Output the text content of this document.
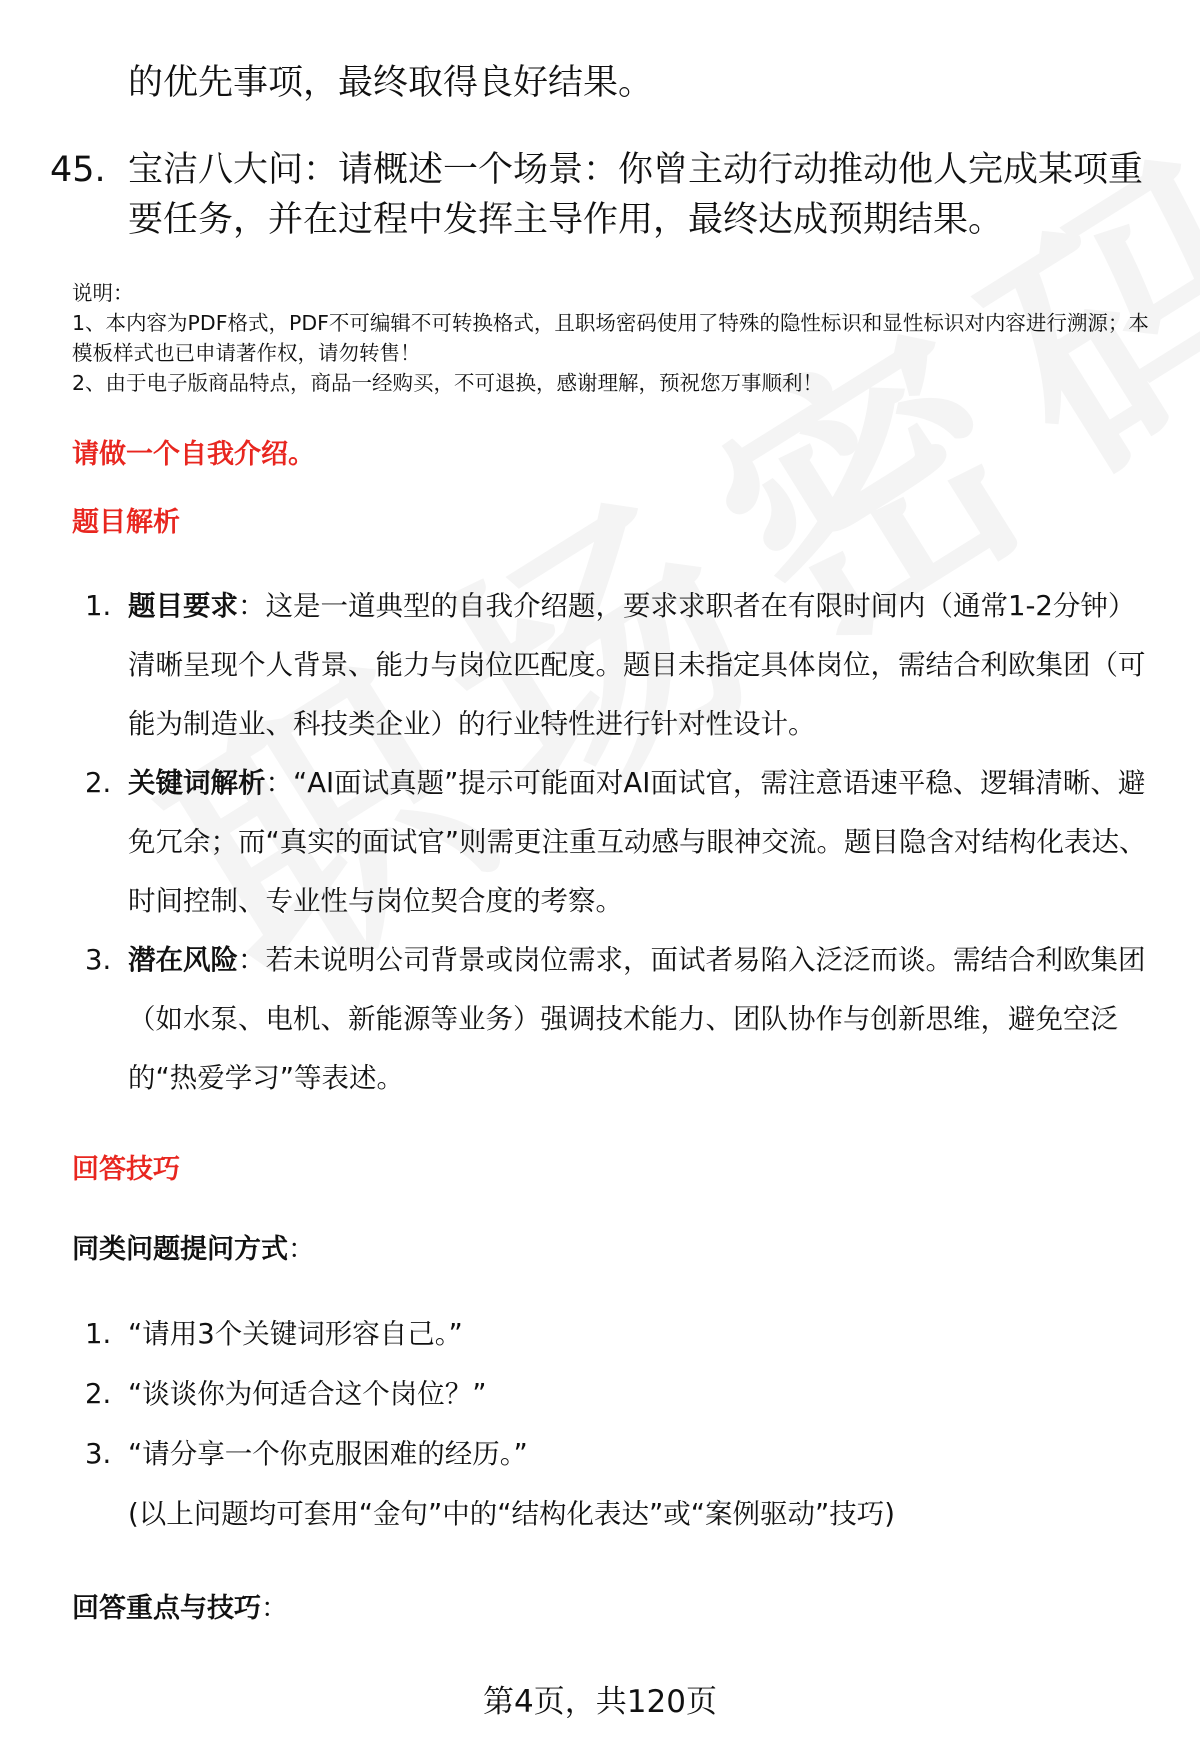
的优先事项，最终取得良好结果。
45. 宝洁八大问：请概述一个场景：你曾主动行动推动他人完成某项重要任务，并在过程中发挥主导作用，最终达成预期结果。

说明：

1、本内容为PDF格式，PDF不可编辑不可转换格式，且职场密码使用了特殊的隐性标识和显性标识对内容进行溯源；本模板样式也已申请著作权，请勿转售！

2、由于电子版商品特点，商品一经购买，不可退换，感谢理解，预祝您万事顺利！

请做一个自我介绍。
题目解析
1. 题目要求：这是一道典型的自我介绍题，要求求职者在有限时间内（通常1-2分钟）清晰呈现个人背景、能力与岗位匹配度。题目未指定具体岗位，需结合利欧集团（可能为制造业、科技类企业）的行业特性进行针对性设计。
2. 关键词解析：“AI面试真题”提示可能面对AI面试官，需注意语速平稳、逻辑清晰、避免冗余；而“真实的面试官”则需更注重互动感与眼神交流。题目隐含对结构化表达、时间控制、专业性与岗位契合度的考察。
3. 潜在风险：若未说明公司背景或岗位需求，面试者易陷入泛泛而谈。需结合利欧集团（如水泵、电机、新能源等业务）强调技术能力、团队协作与创新思维，避免空泛的“热爱学习”等表述。
回答技巧
同类问题提问方式：
1. “请用3个关键词形容自己。”
2. “谈谈你为何适合这个岗位？”
3. “请分享一个你克服困难的经历。”
(以上问题均可套用“金句”中的“结构化表达”或“案例驱动”技巧)
回答重点与技巧：
第4页，共120页
